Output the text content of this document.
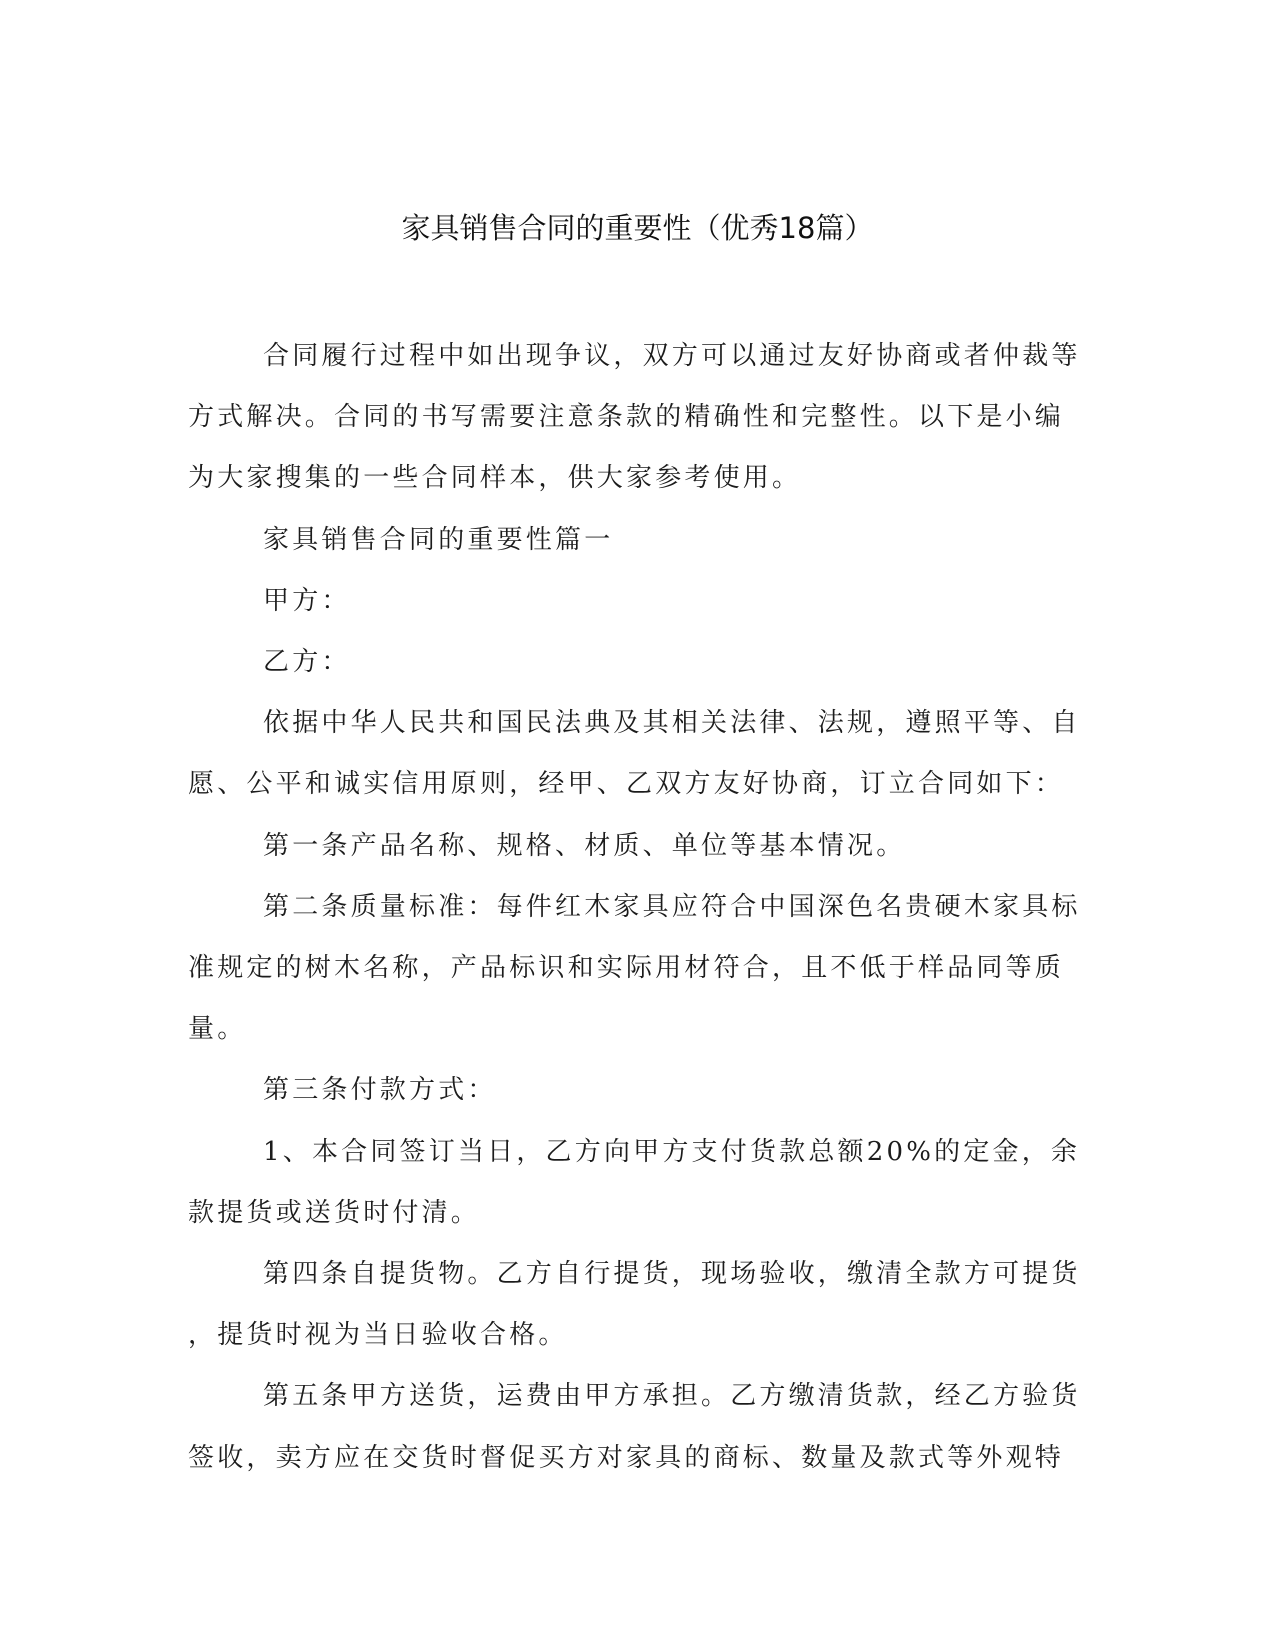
家具销售合同的重要性（优秀18篇）

合同履行过程中如出现争议，双方可以通过友好协商或者仲裁等

方式解决。合同的书写需要注意条款的精确性和完整性。以下是小编

为大家搜集的一些合同样本，供大家参考使用。

家具销售合同的重要性篇一

甲方：

乙方：

依据中华人民共和国民法典及其相关法律、法规，遵照平等、自

愿、公平和诚实信用原则，经甲、乙双方友好协商，订立合同如下：

第一条产品名称、规格、材质、单位等基本情况。

第二条质量标准：每件红木家具应符合中国深色名贵硬木家具标

准规定的树木名称，产品标识和实际用材符合，且不低于样品同等质

量。

第三条付款方式：

1、本合同签订当日，乙方向甲方支付货款总额20%的定金，余

款提货或送货时付清。

第四条自提货物。乙方自行提货，现场验收，缴清全款方可提货

，提货时视为当日验收合格。

第五条甲方送货，运费由甲方承担。乙方缴清货款，经乙方验货

签收，卖方应在交货时督促买方对家具的商标、数量及款式等外观特
